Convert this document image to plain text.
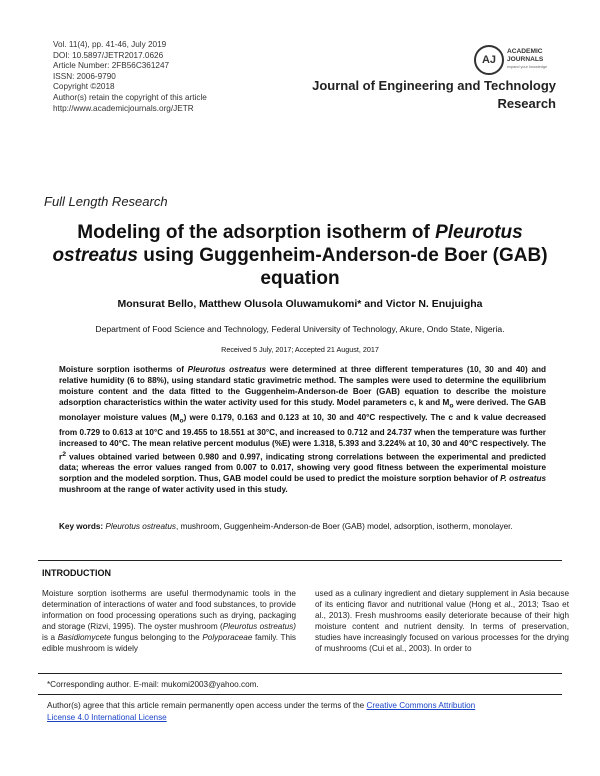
Vol. 11(4), pp. 41-46, July 2019
DOI: 10.5897/JETR2017.0626
Article Number: 2FB56C361247
ISSN: 2006-9790
Copyright ©2018
Author(s) retain the copyright of this article
http://www.academicjournals.org/JETR
AJ
ACADEMIC
JOURNALS
expand your knowledge
Journal of Engineering and Technology
Research
Full Length Research
Modeling of the adsorption isotherm of Pleurotus ostreatus using Guggenheim-Anderson-de Boer (GAB) equation
Monsurat Bello, Matthew Olusola Oluwamukomi* and Victor N. Enujuigha
Department of Food Science and Technology, Federal University of Technology, Akure, Ondo State, Nigeria.
Received 5 July, 2017; Accepted 21 August, 2017
Moisture sorption isotherms of Pleurotus ostreatus were determined at three different temperatures (10, 30 and 40) and relative humidity (6 to 88%), using standard static gravimetric method. The samples were used to determine the equilibrium moisture content and the data fitted to the Guggenheim-Anderson-de Boer (GAB) equation to describe the moisture adsorption characteristics within the water activity used for this study. Model parameters c, k and $M_o$ were derived. The GAB monolayer moisture values $(M_o)$ were 0.179, 0.163 and 0.123 at 10, 30 and 40°C respectively. The c and k value decreased from 0.729 to 0.613 at 10°C and 19.455 to 18.551 at 30°C, and increased to 0.712 and 24.737 when the temperature was further increased to 40°C. The mean relative percent modulus (%E) were 1.318, 5.393 and 3.224% at 10, 30 and 40°C respectively. The $r^2$ values obtained varied between 0.980 and 0.997, indicating strong correlations between the experimental and predicted data; whereas the error values ranged from 0.007 to 0.017, showing very good fitness between the experimental moisture sorption and the modeled sorption. Thus, GAB model could be used to predict the moisture sorption behavior of P. ostreatus mushroom at the range of water activity used in this study.
Key words: Pleurotus ostreatus, mushroom, Guggenheim-Anderson-de Boer (GAB) model, adsorption, isotherm, monolayer.
INTRODUCTION
Moisture sorption isotherms are useful thermodynamic tools in the determination of interactions of water and food substances, to provide information on food processing operations such as drying, packaging and storage (Rizvi, 1995). The oyster mushroom (Pleurotus ostreatus) is a Basidiomycete fungus belonging to the Polyporaceae family. This edible mushroom is widely
used as a culinary ingredient and dietary supplement in Asia because of its enticing flavor and nutritional value (Hong et al., 2013; Tsao et al., 2013). Fresh mushrooms easily deteriorate because of their high moisture content and nutrient density. In terms of preservation, studies have increasingly focused on various processes for the drying of mushrooms (Cui et al., 2003). In order to
*Corresponding author. E-mail: mukomi2003@yahoo.com.
Author(s) agree that this article remain permanently open access under the terms of the Creative Commons Attribution
License 4.0 International License
